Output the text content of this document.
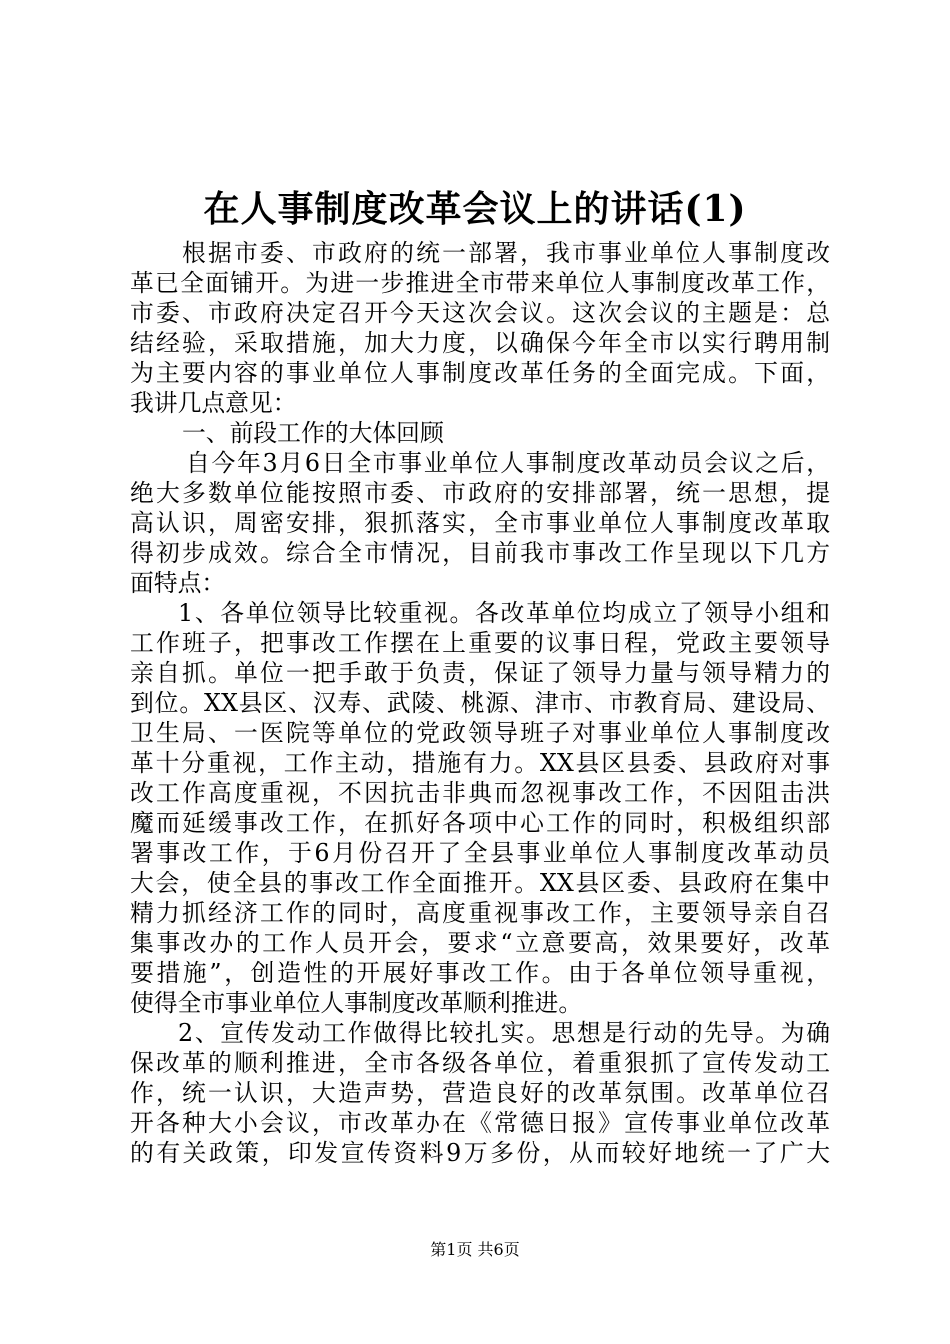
在人事制度改革会议上的讲话(1)
根据市委、市政府的统一部署，我市事业单位人事制度改
革已全面铺开。为进一步推进全市带来单位人事制度改革工作，
市委、市政府决定召开今天这次会议。这次会议的主题是：总
结经验，采取措施，加大力度，以确保今年全市以实行聘用制
为主要内容的事业单位人事制度改革任务的全面完成。下面，
我讲几点意见：
一、前段工作的大体回顾
自今年3月6日全市事业单位人事制度改革动员会议之后，
绝大多数单位能按照市委、市政府的安排部署，统一思想，提
高认识，周密安排，狠抓落实，全市事业单位人事制度改革取
得初步成效。综合全市情况，目前我市事改工作呈现以下几方
面特点：
1、各单位领导比较重视。各改革单位均成立了领导小组和
工作班子，把事改工作摆在上重要的议事日程，党政主要领导
亲自抓。单位一把手敢于负责，保证了领导力量与领导精力的
到位。XX县区、汉寿、武陵、桃源、津市、市教育局、建设局、
卫生局、一医院等单位的党政领导班子对事业单位人事制度改
革十分重视，工作主动，措施有力。XX县区县委、县政府对事
改工作高度重视，不因抗击非典而忽视事改工作，不因阻击洪
魔而延缓事改工作，在抓好各项中心工作的同时，积极组织部
署事改工作，于6月份召开了全县事业单位人事制度改革动员
大会，使全县的事改工作全面推开。XX县区委、县政府在集中
精力抓经济工作的同时，高度重视事改工作，主要领导亲自召
集事改办的工作人员开会，要求“立意要高，效果要好，改革
要措施”，创造性的开展好事改工作。由于各单位领导重视，
使得全市事业单位人事制度改革顺利推进。
2、宣传发动工作做得比较扎实。思想是行动的先导。为确
保改革的顺利推进，全市各级各单位，着重狠抓了宣传发动工
作，统一认识，大造声势，营造良好的改革氛围。改革单位召
开各种大小会议，市改革办在《常德日报》宣传事业单位改革
的有关政策，印发宣传资料9万多份，从而较好地统一了广大
第1页 共6页
